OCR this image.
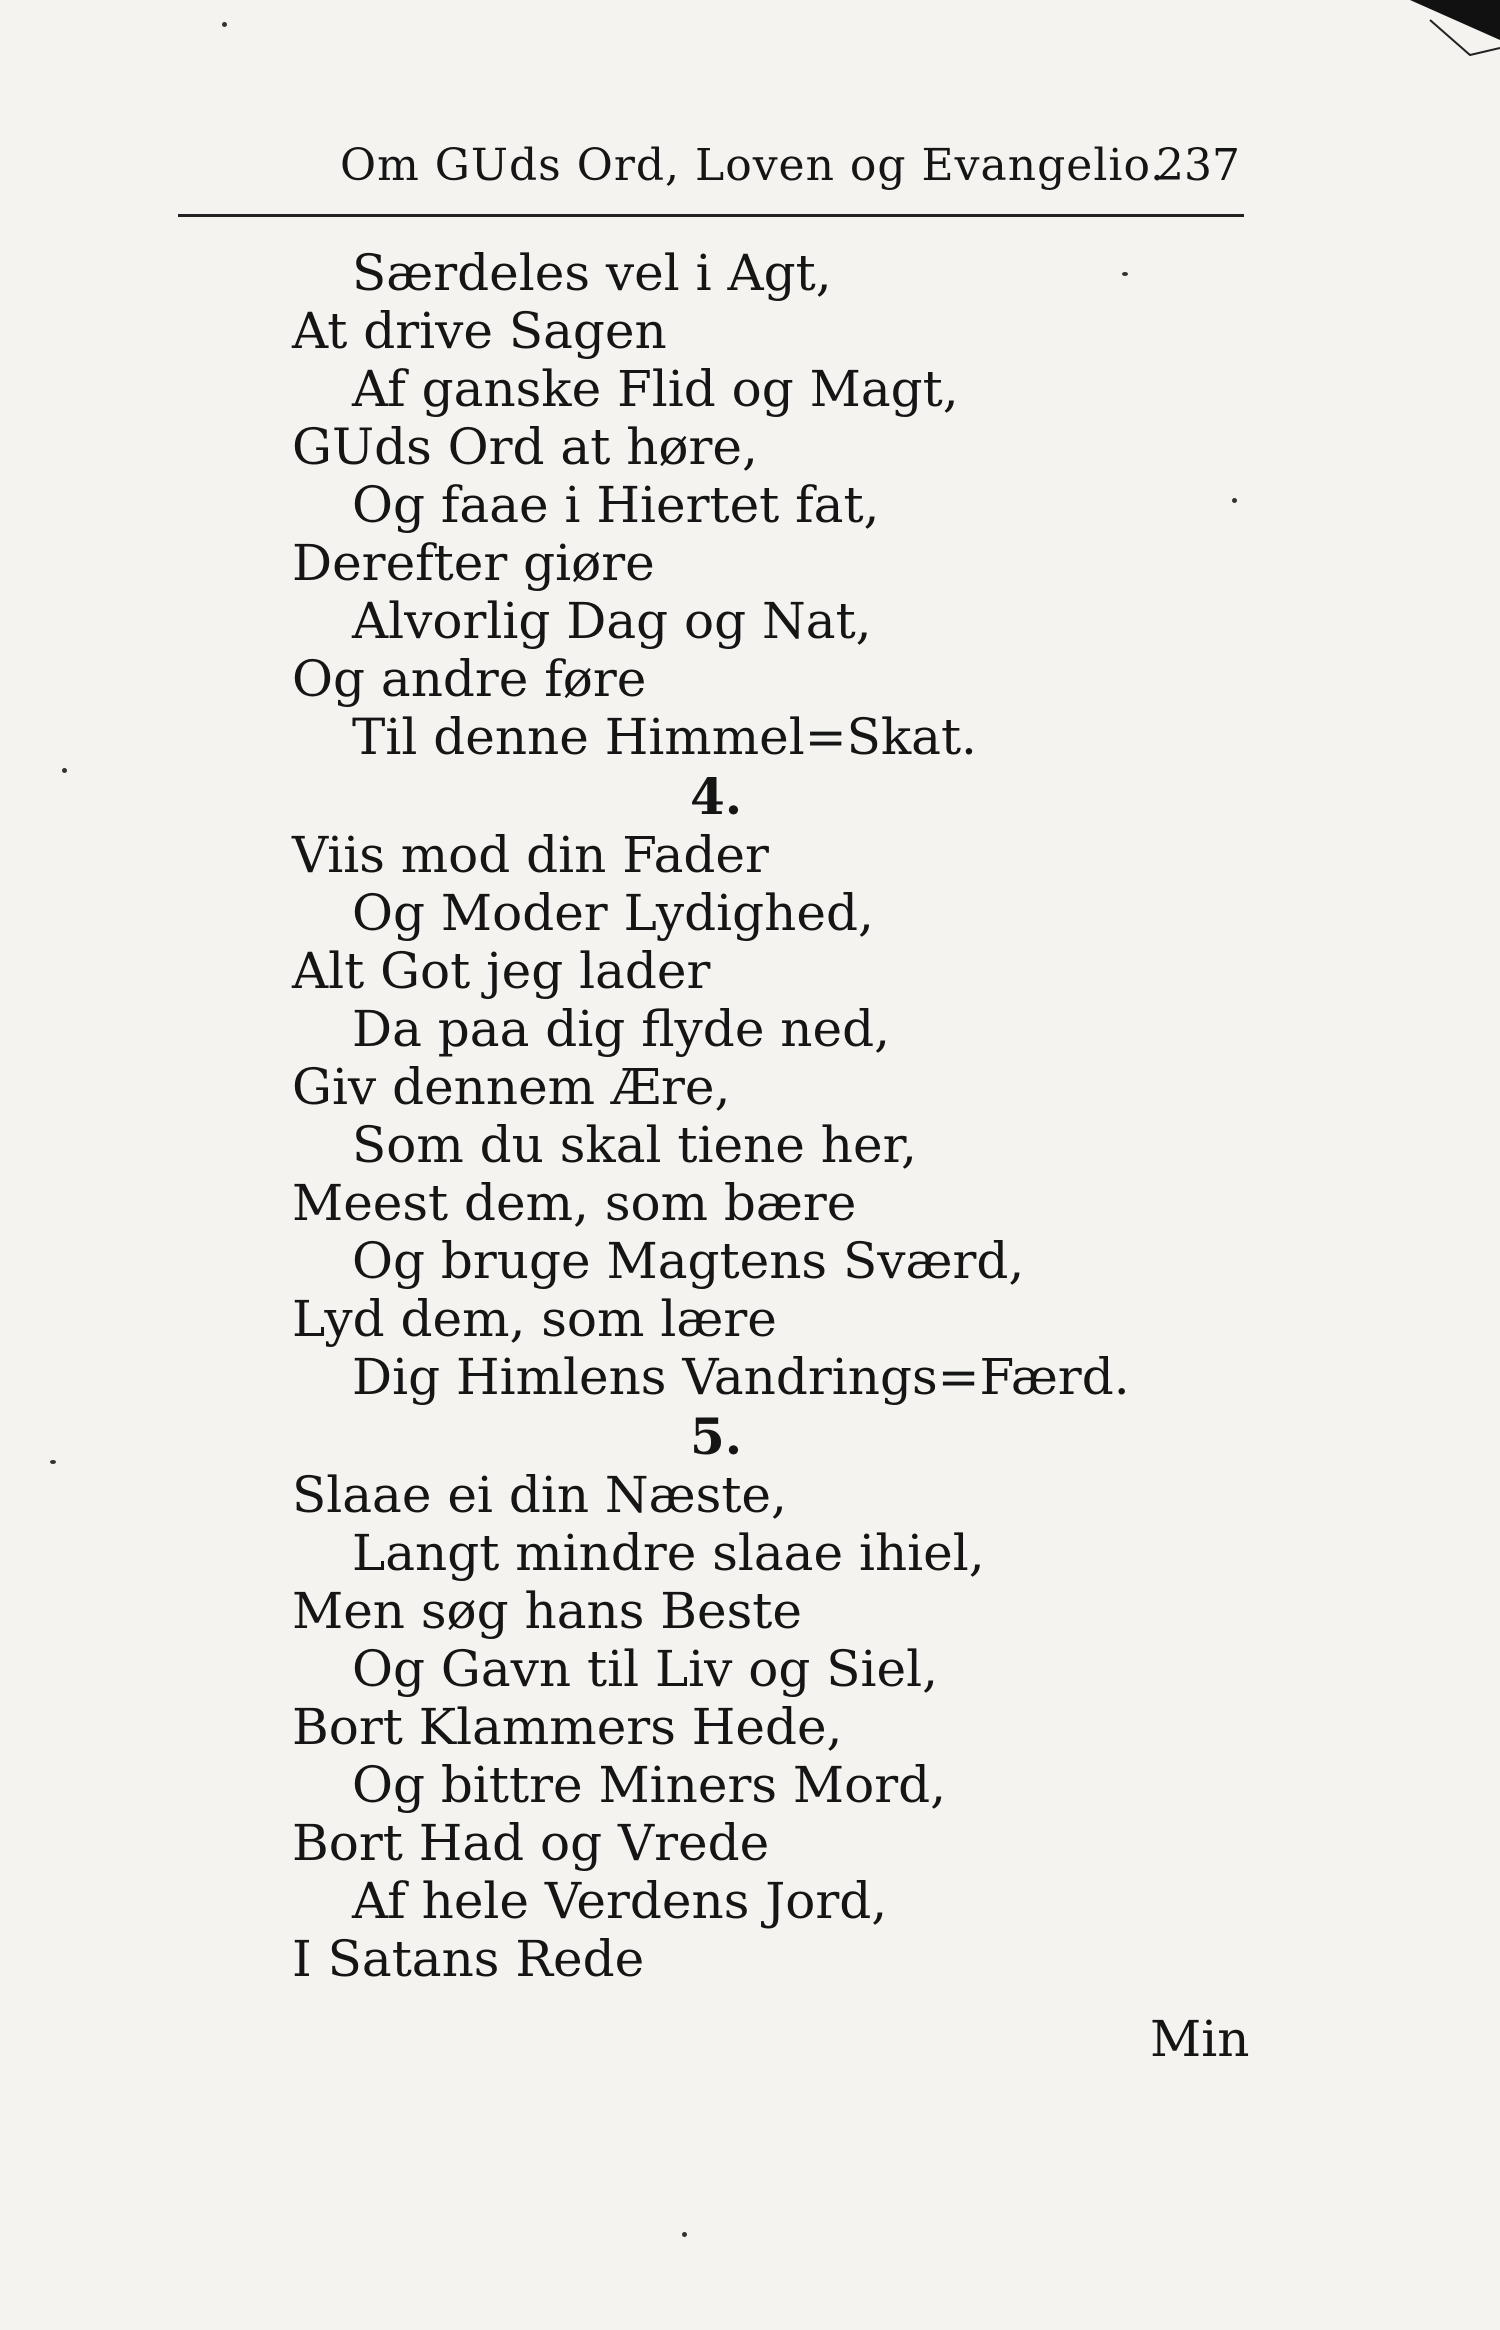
Om GUds Ord, Loven og Evangelio.
237
Særdeles vel i Agt,
At drive Sagen
Af ganske Flid og Magt,
GUds Ord at høre,
Og faae i Hiertet fat,
Derefter giøre
Alvorlig Dag og Nat,
Og andre føre
Til denne Himmel=Skat.
4.
Viis mod din Fader
Og Moder Lydighed,
Alt Got jeg lader
Da paa dig flyde ned,
Giv dennem Ære,
Som du skal tiene her,
Meest dem, som bære
Og bruge Magtens Sværd,
Lyd dem, som lære
Dig Himlens Vandrings=Færd.
5.
Slaae ei din Næste,
Langt mindre slaae ihiel,
Men søg hans Beste
Og Gavn til Liv og Siel,
Bort Klammers Hede,
Og bittre Miners Mord,
Bort Had og Vrede
Af hele Verdens Jord,
I Satans Rede
Min
